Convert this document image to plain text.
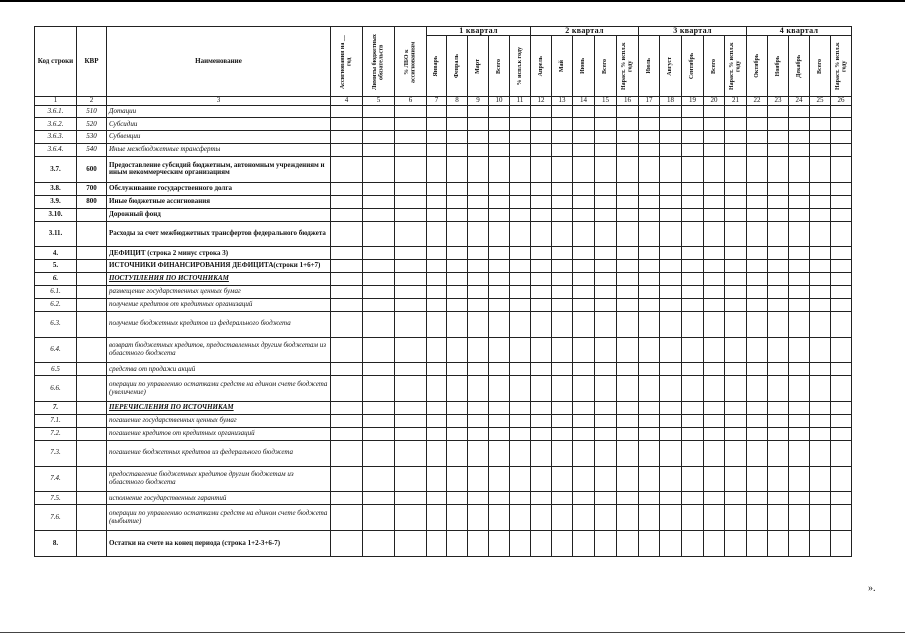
Код строки	КВР	Наименование	Ассигнования на __ год	Лимиты бюджетных обязательств	% ЛБО к ассигнованиям	1 квартал					2 квартал					3 квартал					4 квартал				

						Январь	Февраль	Март	Всего	% испл.к году	Апрель	Май	Июнь	Всего	Нараст. % испл.к году	Июль	Август	Сентябрь	Всего	Нараст. % испл.к году	Октябрь	Ноябрь	Декабрь	Всего	Нараст. % испл.к году

1	2	3	4	5	6	7	8	9	10	11	12	13	14	15	16	17	18	19	20	21	22	23	24	25	26
3.6.1.	510	Дотации																							
3.6.2.	520	Субсидии																							
3.6.3.	530	Субвенции																							
3.6.4.	540	Иные межбюджетные трансферты																							
3.7.	600	Предоставление субсидий бюджетным, автономным учреждениям и иным некоммерческим организациям																							
3.8.	700	Обслуживание государственного долга																							
3.9.	800	Иные бюджетные ассигнования																							
3.10.		Дорожный фонд																							
3.11.		Расходы за счет межбюджетных трансфертов федерального бюджета																							
4.		ДЕФИЦИТ (строка 2 минус строка 3)																							
5.		ИСТОЧНИКИ ФИНАНСИРОВАНИЯ ДЕФИЦИТА(строки 1+6+7)																							
6.		ПОСТУПЛЕНИЯ ПО ИСТОЧНИКАМ																							
6.1.		размещение государственных ценных бумаг																							
6.2.		получение кредитов от кредитных организаций																							
6.3.		получение бюджетных кредитов из федерального бюджета																							
6.4.		возврат бюджетных кредитов, предоставленных другим бюджетам из областного бюджета																							
6.5		средства от продажи акций																							
6.6.		операции по управлению остатками средств на едином счете бюджета (увеличение)																							
7.		ПЕРЕЧИСЛЕНИЯ ПО ИСТОЧНИКАМ																							
7.1.		погашение государственных ценных бумаг																							
7.2.		погашение кредитов от кредитных организаций																							
7.3.		погашение бюджетных кредитов из федерального бюджета																							
7.4.		предоставление бюджетных кредитов другим бюджетам из областного бюджета																							
7.5.		исполнение государственных гарантий																							
7.6.		операции по управлению остатками средств на едином счете бюджета (выбытие)																							
8.		Остатки на счете на конец периода (строка 1+2-3+6-7)																							
».
